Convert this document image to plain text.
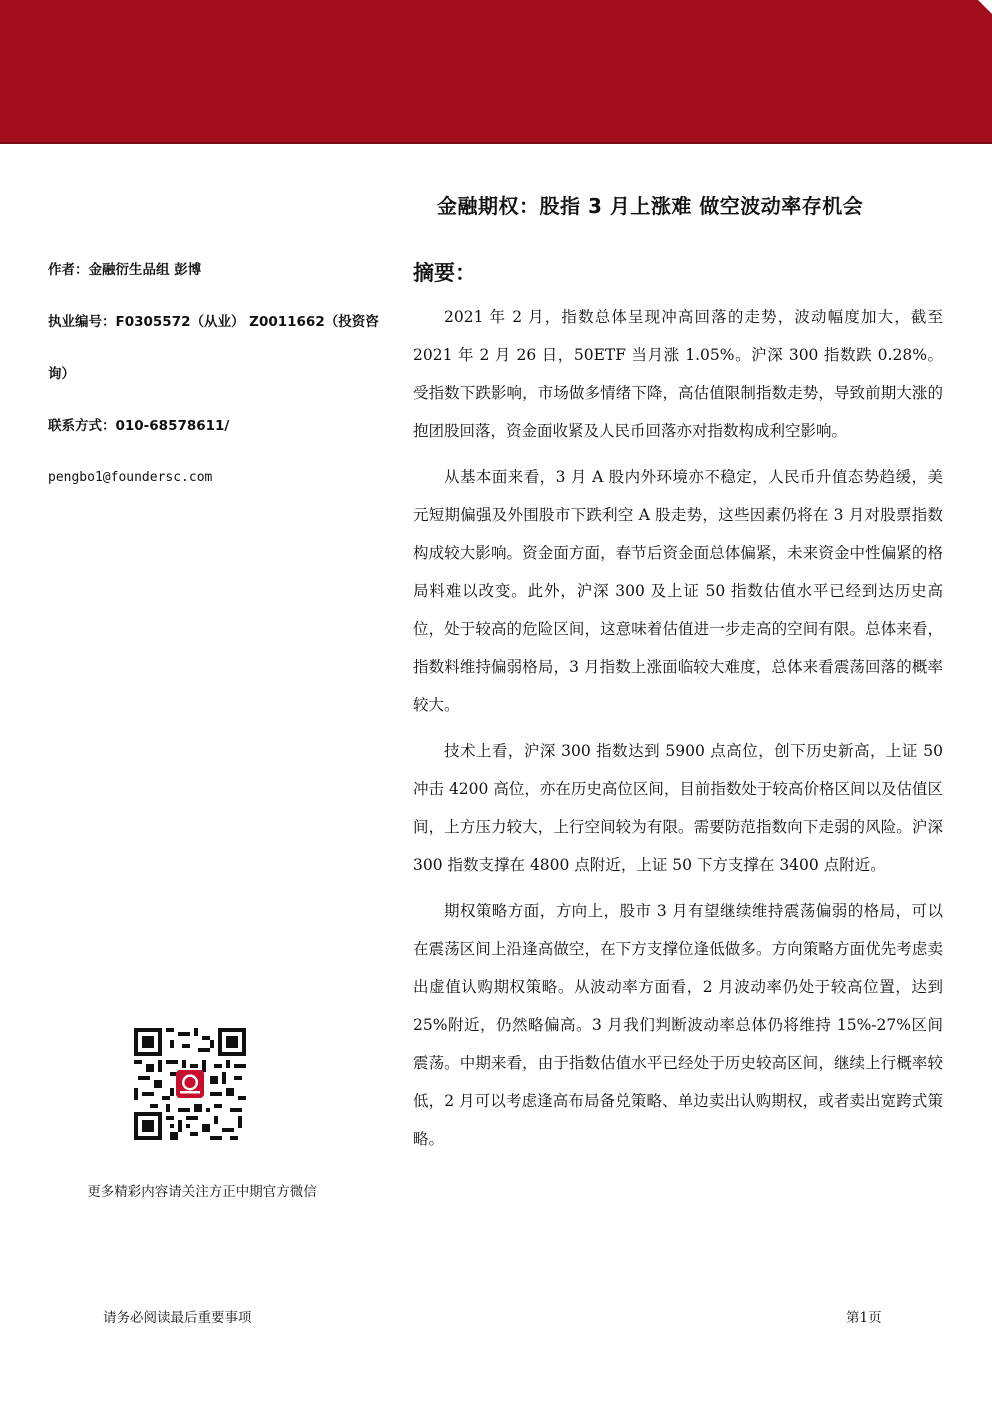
金融期权：股指 3 月上涨难 做空波动率存机会
作者：金融衍生品组 彭博
执业编号：F0305572（从业） Z0011662（投资咨
询）
联系方式：010-68578611/
pengbo1@foundersc.com
更多精彩内容请关注方正中期官方微信
摘要：

2021 年 2 月，指数总体呈现冲高回落的走势，波动幅度加大，截至 2021 年 2 月 26 日，50ETF 当月涨 1.05%。沪深 300 指数跌 0.28%。受指数下跌影响，市场做多情绪下降，高估值限制指数走势，导致前期大涨的抱团股回落，资金面收紧及人民币回落亦对指数构成利空影响。

从基本面来看，3 月 A 股内外环境亦不稳定，人民币升值态势趋缓，美元短期偏强及外围股市下跌利空 A 股走势，这些因素仍将在 3 月对股票指数构成较大影响。资金面方面，春节后资金面总体偏紧，未来资金中性偏紧的格局料难以改变。此外，沪深 300 及上证 50 指数估值水平已经到达历史高位，处于较高的危险区间，这意味着估值进一步走高的空间有限。总体来看，指数料维持偏弱格局，3 月指数上涨面临较大难度，总体来看震荡回落的概率较大。

技术上看，沪深 300 指数达到 5900 点高位，创下历史新高，上证 50 冲击 4200 高位，亦在历史高位区间，目前指数处于较高价格区间以及估值区间，上方压力较大，上行空间较为有限。需要防范指数向下走弱的风险。沪深 300 指数支撑在 4800 点附近，上证 50 下方支撑在 3400 点附近。

期权策略方面，方向上，股市 3 月有望继续维持震荡偏弱的格局，可以在震荡区间上沿逢高做空，在下方支撑位逢低做多。方向策略方面优先考虑卖出虚值认购期权策略。从波动率方面看，2 月波动率仍处于较高位置，达到 25%附近，仍然略偏高。3 月我们判断波动率总体仍将维持 15%-27%区间震荡。中期来看，由于指数估值水平已经处于历史较高区间，继续上行概率较低，2 月可以考虑逢高布局备兑策略、单边卖出认购期权，或者卖出宽跨式策略。

请务必阅读最后重要事项	第1页
